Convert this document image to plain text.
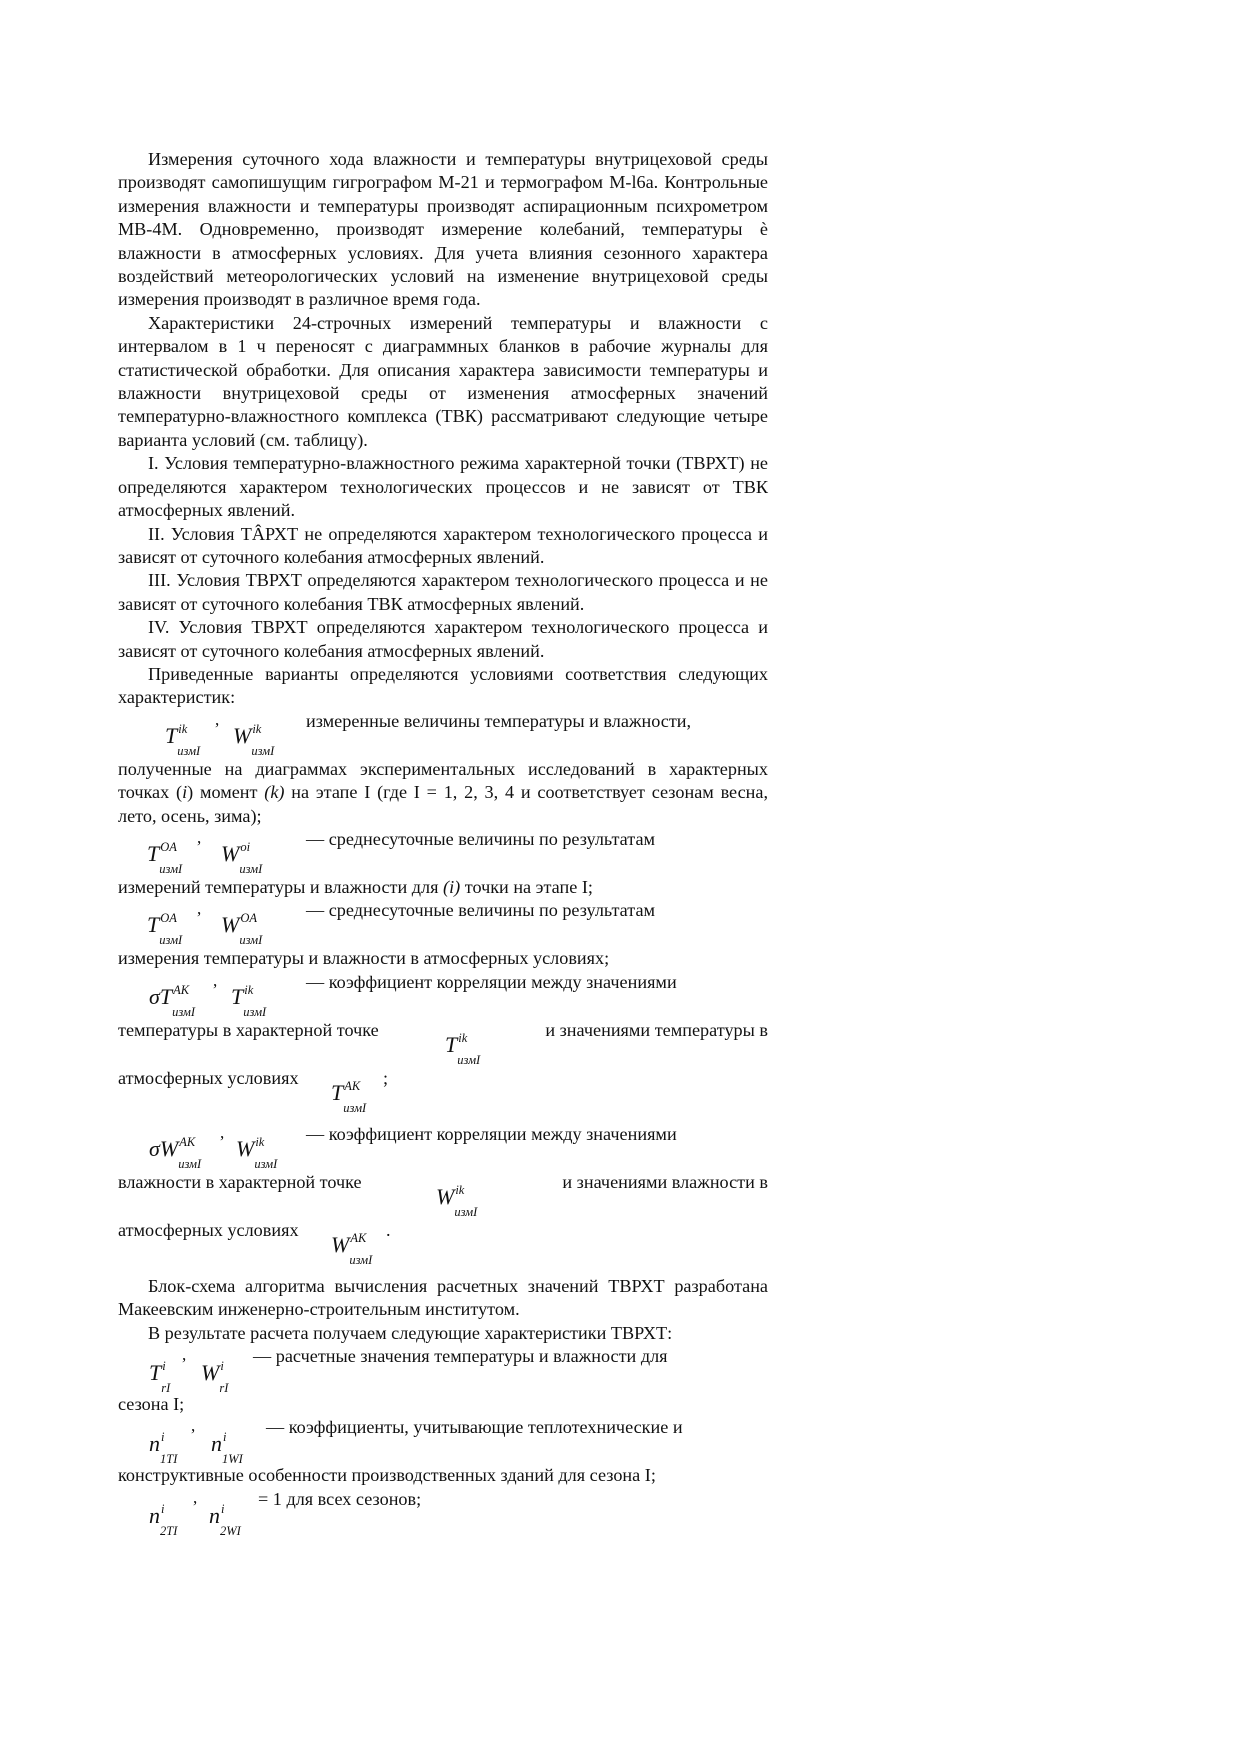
Измерения суточного хода влажности и температуры внутрицеховой среды производят самопишущим гигрографом М-21 и термографом М-l6a. Контрольные измерения влажности и температуры производят аспирационным психрометром МВ-4М. Одновременно, производят измерение колебаний, температуры è влажности в атмосферных условиях. Для учета влияния сезонного характера воздействий метеорологических условий на изменение внутрицеховой среды измерения производят в различное время года.

Характеристики 24-строчных измерений температуры и влажности с интервалом в 1 ч переносят с диаграммных бланков в рабочие журналы для статистической обработки. Для описания характера зависимости температуры и влажности внутрицеховой среды от изменения атмосферных значений температурно-влажностного комплекса (ТВК) рассматривают следующие четыре варианта условий (см. таблицу).

I. Условия температурно-влажностного режима характерной точки (ТВРХТ) не определяются характером технологических процессов и не зависят от ТВК атмосферных явлений.

II. Условия ТÂРХТ не определяются характером технологического процесса и зависят от суточного колебания атмосферных явлений.

III. Условия ТВРХТ определяются характером технологического процесса и не зависят от суточного колебания ТВК атмосферных явлений.

IV. Условия ТВРХТ определяются характером технологического процесса и зависят от суточного колебания атмосферных явлений.

Приведенные варианты определяются условиями соответствия следующих характеристик:

T ik
измI
,
W ik
измI

измеренные величины температуры и влажности,

полученные на диаграммах экспериментальных исследований в характерных точках (i) момент (k) на этапе I (где I = 1, 2, 3, 4 и соответствует сезонам весна, лето, осень, зима);

T OA
измI
,
W oi
измI

— среднесуточные величины по результатам

измерений температуры и влажности для (i) точки на этапе I;

T OA
измI
,
W OA
измI

— среднесуточные величины по результатам

измерения температуры и влажности в атмосферных условиях;

σT AK
измI
,
T ik
измI

— коэффициент корреляции между значениями

температуры в характерной точке
T ik
измI
и значениями температуры в
атмосферных условиях
T AK
измI
;
σW AK
измI
,
W ik
измI

— коэффициент корреляции между значениями

влажности в характерной точке
W ik
измI
и значениями влажности в
атмосферных условиях
W AK
измI
.

Блок-схема алгоритма вычисления расчетных значений ТВРХТ разработана Макеевским инженерно-строительным институтом.

В результате расчета получаем следующие характеристики ТВРХТ:

T i
rI
,
W i
rI

— расчетные значения температуры и влажности для

сезона I;

n i
1TI
,
n i
1WI

— коэффициенты, учитывающие теплотехнические и

конструктивные особенности производственных зданий для сезона I;

n i
2TI
,
n i
2WI

= 1 для всех сезонов;
